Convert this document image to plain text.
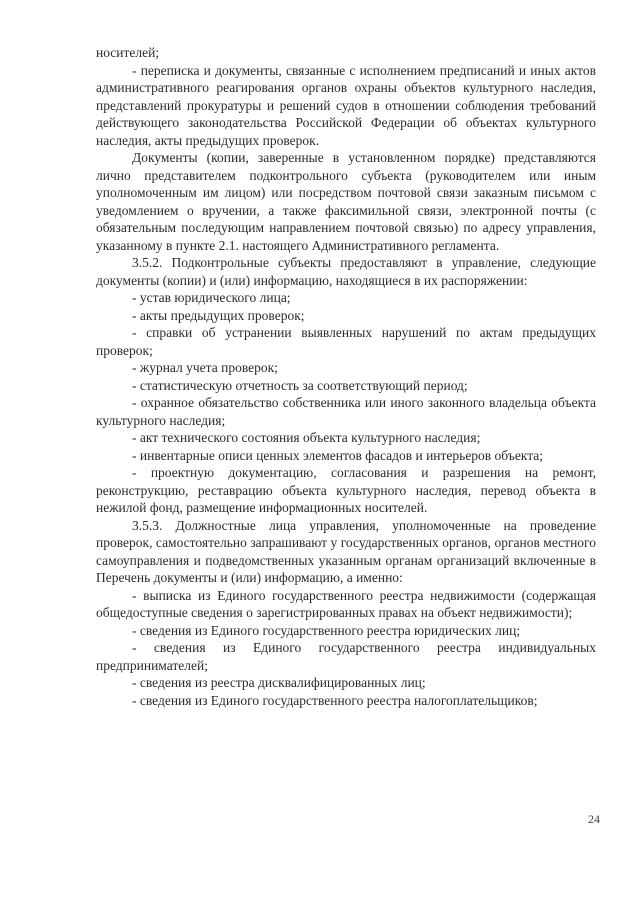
носителей;

- переписка и документы, связанные с исполнением предписаний и иных актов административного реагирования органов охраны объектов культурного наследия, представлений прокуратуры и решений судов в отношении соблюдения требований действующего законодательства Российской Федерации об объектах культурного наследия, акты предыдущих проверок.

Документы (копии, заверенные в установленном порядке) представляются лично представителем подконтрольного субъекта (руководителем или иным уполномоченным им лицом) или посредством почтовой связи заказным письмом с уведомлением о вручении, а также факсимильной связи, электронной почты (с обязательным последующим направлением почтовой связью) по адресу управления, указанному в пункте 2.1. настоящего Административного регламента.

3.5.2. Подконтрольные субъекты предоставляют в управление, следующие документы (копии) и (или) информацию, находящиеся в их распоряжении:

- устав юридического лица;

- акты предыдущих проверок;

- справки об устранении выявленных нарушений по актам предыдущих проверок;

- журнал учета проверок;

- статистическую отчетность за соответствующий период;

- охранное обязательство собственника или иного законного владельца объекта культурного наследия;

- акт технического состояния объекта культурного наследия;

- инвентарные описи ценных элементов фасадов и интерьеров объекта;

- проектную документацию, согласования и разрешения на ремонт, реконструкцию, реставрацию объекта культурного наследия, перевод объекта в нежилой фонд, размещение информационных носителей.

3.5.3. Должностные лица управления, уполномоченные на проведение проверок, самостоятельно запрашивают у государственных органов, органов местного самоуправления и подведомственных указанным органам организаций включенные в Перечень документы и (или) информацию, а именно:

- выписка из Единого государственного реестра недвижимости (содержащая общедоступные сведения о зарегистрированных правах на объект недвижимости);

- сведения из Единого государственного реестра юридических лиц;

- сведения из Единого государственного реестра индивидуальных предпринимателей;

- сведения из реестра дисквалифицированных лиц;

- сведения из Единого государственного реестра налогоплательщиков;

24
